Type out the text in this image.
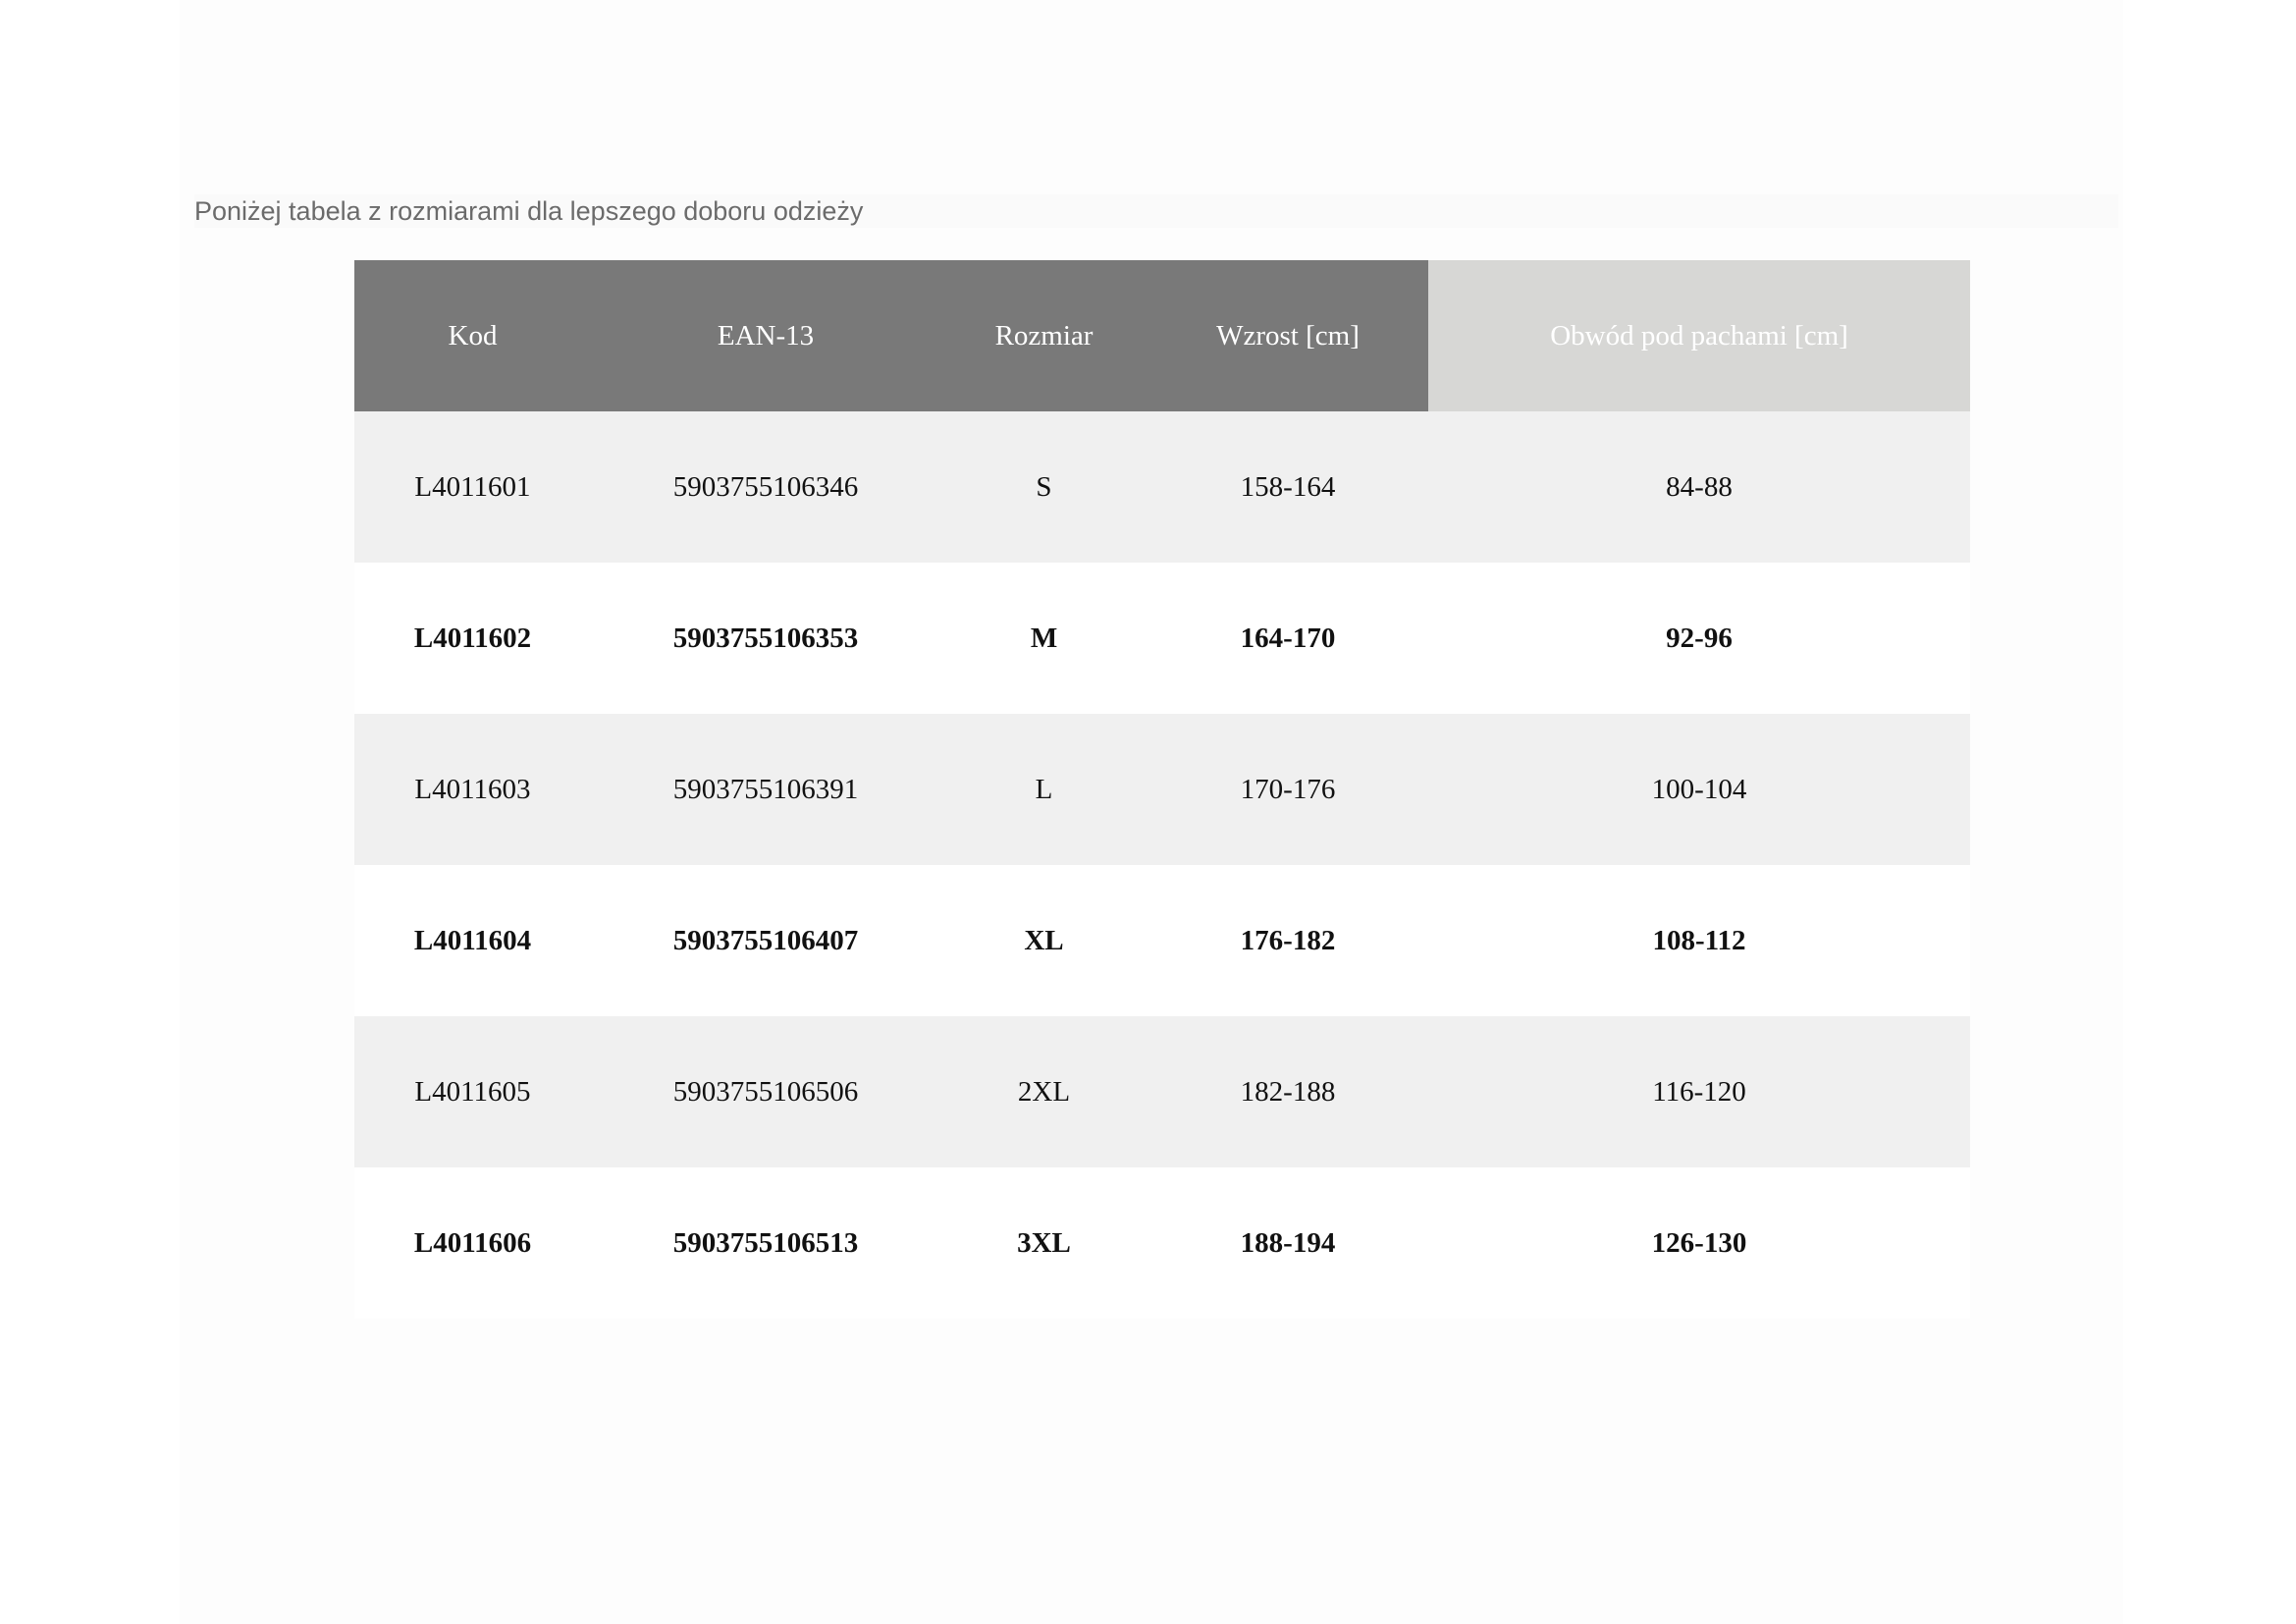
Poniżej tabela z rozmiarami dla lepszego doboru odzieży
Kod	EAN-13	Rozmiar	Wzrost [cm]	Obwód pod pachami [cm]
L4011601	5903755106346	S	158-164	84-88
L4011602	5903755106353	M	164-170	92-96
L4011603	5903755106391	L	170-176	100-104
L4011604	5903755106407	XL	176-182	108-112
L4011605	5903755106506	2XL	182-188	116-120
L4011606	5903755106513	3XL	188-194	126-130
